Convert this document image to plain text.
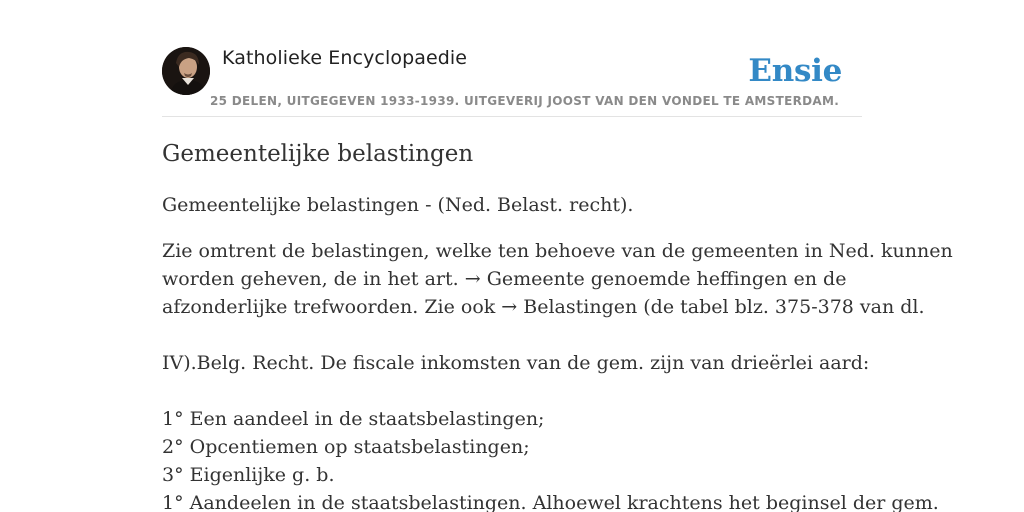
Katholieke Encyclopaedie
25 DELEN, UITGEGEVEN 1933-1939. UITGEVERIJ JOOST VAN DEN VONDEL TE AMSTERDAM.
Ensie
Gemeentelijke belastingen

Gemeentelijke belastingen - (Ned. Belast. recht).

Zie omtrent de belastingen, welke ten behoeve van de gemeenten in Ned. kunnen
worden geheven, de in het art. → Gemeente genoemde heffingen en de
afzonderlijke trefwoorden. Zie ook → Belastingen (de tabel blz. 375-378 van dl.
IV).Belg. Recht. De fiscale inkomsten van de gem. zijn van drieërlei aard:
1° Een aandeel in de staatsbelastingen;
2° Opcentiemen op staatsbelastingen;
3° Eigenlijke g. b.
1° Aandeelen in de staatsbelastingen. Alhoewel krachtens het beginsel der gem.
